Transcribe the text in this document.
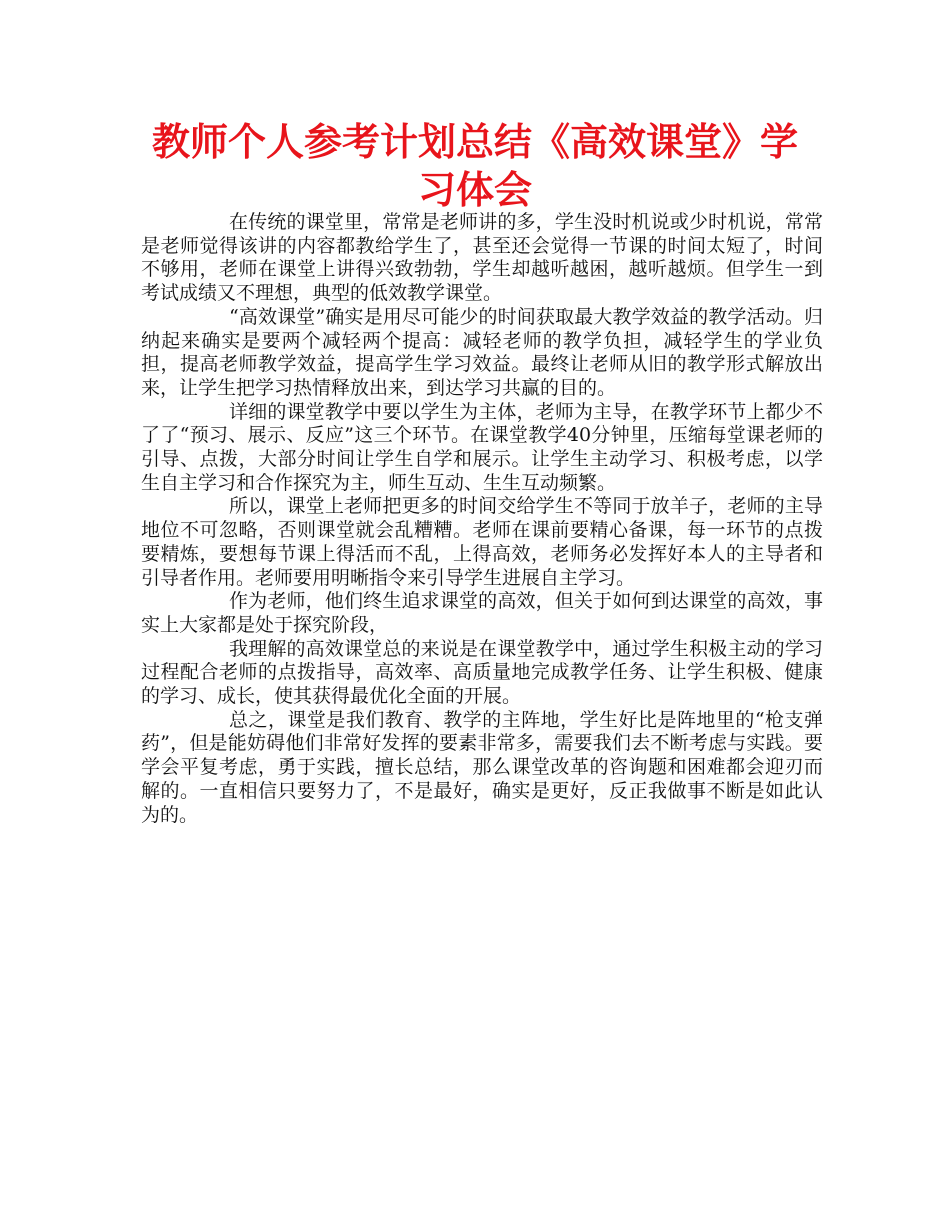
教师个人参考计划总结《高效课堂》学习体会

在传统的课堂里，常常是老师讲的多，学生没时机说或少时机说，常常是老师觉得该讲的内容都教给学生了，甚至还会觉得一节课的时间太短了，时间不够用，老师在课堂上讲得兴致勃勃，学生却越听越困，越听越烦。但学生一到考试成绩又不理想，典型的低效教学课堂。

“高效课堂”确实是用尽可能少的时间获取最大教学效益的教学活动。归纳起来确实是要两个减轻两个提高：减轻老师的教学负担，减轻学生的学业负担，提高老师教学效益，提高学生学习效益。最终让老师从旧的教学形式解放出来，让学生把学习热情释放出来，到达学习共赢的目的。

详细的课堂教学中要以学生为主体，老师为主导，在教学环节上都少不了了“预习、展示、反应”这三个环节。在课堂教学40分钟里，压缩每堂课老师的引导、点拨，大部分时间让学生自学和展示。让学生主动学习、积极考虑，以学生自主学习和合作探究为主，师生互动、生生互动频繁。

所以，课堂上老师把更多的时间交给学生不等同于放羊子，老师的主导地位不可忽略，否则课堂就会乱糟糟。老师在课前要精心备课，每一环节的点拨要精炼，要想每节课上得活而不乱，上得高效，老师务必发挥好本人的主导者和引导者作用。老师要用明晰指令来引导学生进展自主学习。

作为老师，他们终生追求课堂的高效，但关于如何到达课堂的高效，事实上大家都是处于探究阶段，

我理解的高效课堂总的来说是在课堂教学中，通过学生积极主动的学习过程配合老师的点拨指导，高效率、高质量地完成教学任务、让学生积极、健康的学习、成长，使其获得最优化全面的开展。

总之，课堂是我们教育、教学的主阵地，学生好比是阵地里的“枪支弹药”，但是能妨碍他们非常好发挥的要素非常多，需要我们去不断考虑与实践。要学会平复考虑，勇于实践，擅长总结，那么课堂改革的咨询题和困难都会迎刃而解的。一直相信只要努力了，不是最好，确实是更好，反正我做事不断是如此认为的。
